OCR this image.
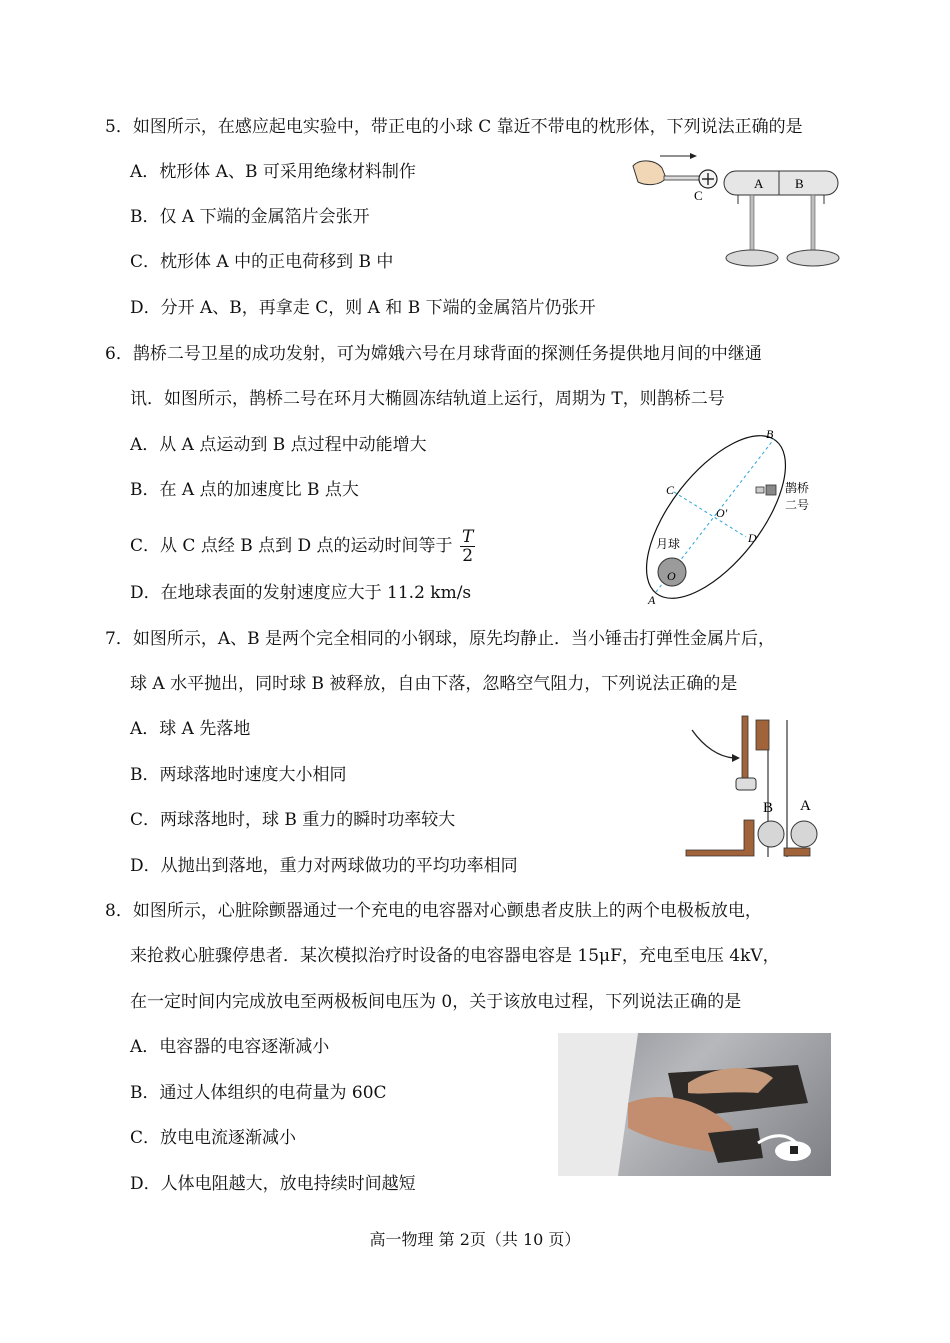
5．如图所示，在感应起电实验中，带正电的小球 C 靠近不带电的枕形体，下列说法正确的是
A．枕形体 A、B 可采用绝缘材料制作
B．仅 A 下端的金属箔片会张开
C．枕形体 A 中的正电荷移到 B 中
D．分开 A、B，再拿走 C，则 A 和 B 下端的金属箔片仍张开
C
A B
6．鹊桥二号卫星的成功发射，可为嫦娥六号在月球背面的探测任务提供地月间的中继通
讯．如图所示，鹊桥二号在环月大椭圆冻结轨道上运行，周期为 T，则鹊桥二号
A．从 A 点运动到 B 点过程中动能增大
B．在 A 点的加速度比 B 点大
C．从 C 点经 B 点到 D 点的运动时间等于 $\frac{T}{2}$
D．在地球表面的发射速度应大于 11.2 km/s
月球
O
B
C
O′
D
A
鹊桥
二号
7．如图所示，A、B 是两个完全相同的小钢球，原先均静止．当小锤击打弹性金属片后，
球 A 水平抛出，同时球 B 被释放，自由下落，忽略空气阻力，下列说法正确的是
A．球 A 先落地
B．两球落地时速度大小相同
C．两球落地时，球 B 重力的瞬时功率较大
D．从抛出到落地，重力对两球做功的平均功率相同
B A
8．如图所示，心脏除颤器通过一个充电的电容器对心颤患者皮肤上的两个电极板放电，
来抢救心脏骤停患者．某次模拟治疗时设备的电容器电容是 15μF，充电至电压 4kV，
在一定时间内完成放电至两极板间电压为 0，关于该放电过程，下列说法正确的是
A．电容器的电容逐渐减小
B．通过人体组织的电荷量为 60C
C．放电电流逐渐减小
D．人体电阻越大，放电持续时间越短
高一物理 第 2页（共 10 页）
